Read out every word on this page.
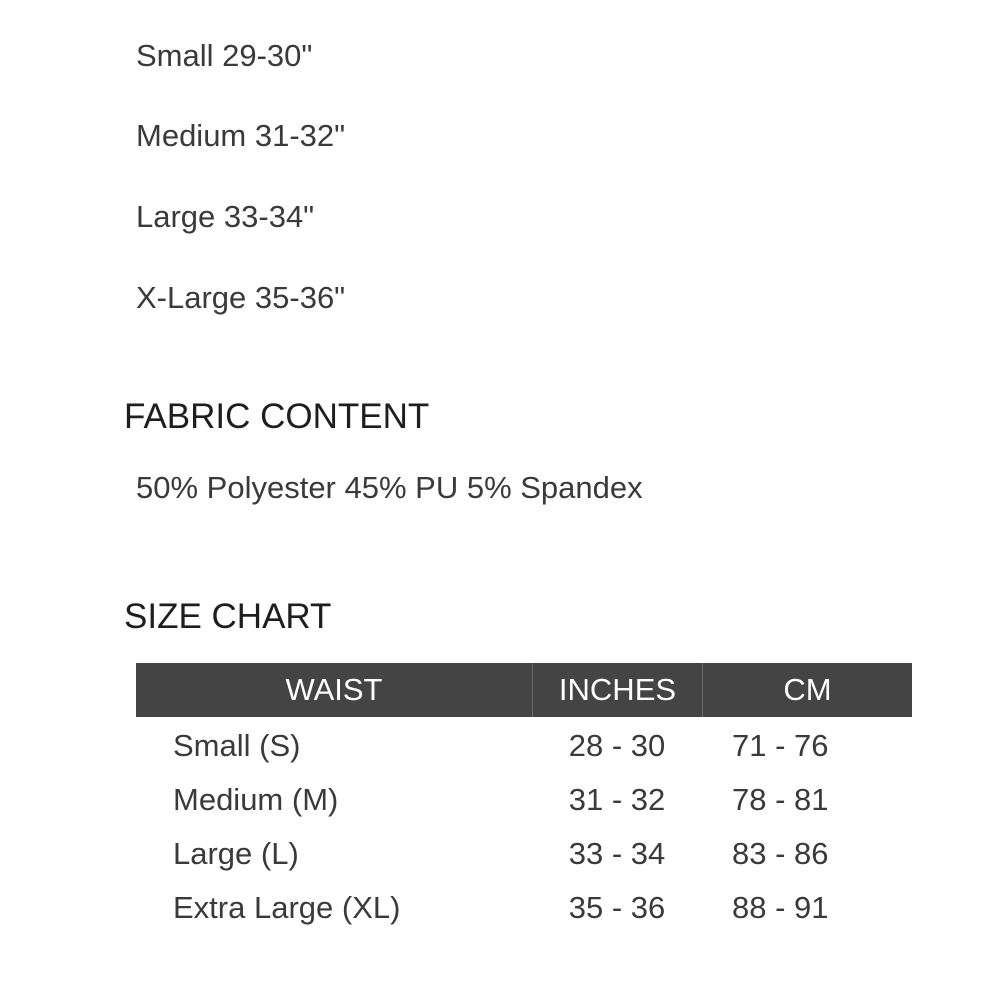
Small 29-30"
Medium 31-32"
Large 33-34"
X-Large 35-36"
FABRIC CONTENT
50% Polyester 45% PU 5% Spandex
SIZE CHART
WAIST	INCHES	CM
Small (S)	28 - 30	71 - 76
Medium (M)	31 - 32	78 - 81
Large (L)	33 - 34	83 - 86
Extra Large (XL)	35 - 36	88 - 91
